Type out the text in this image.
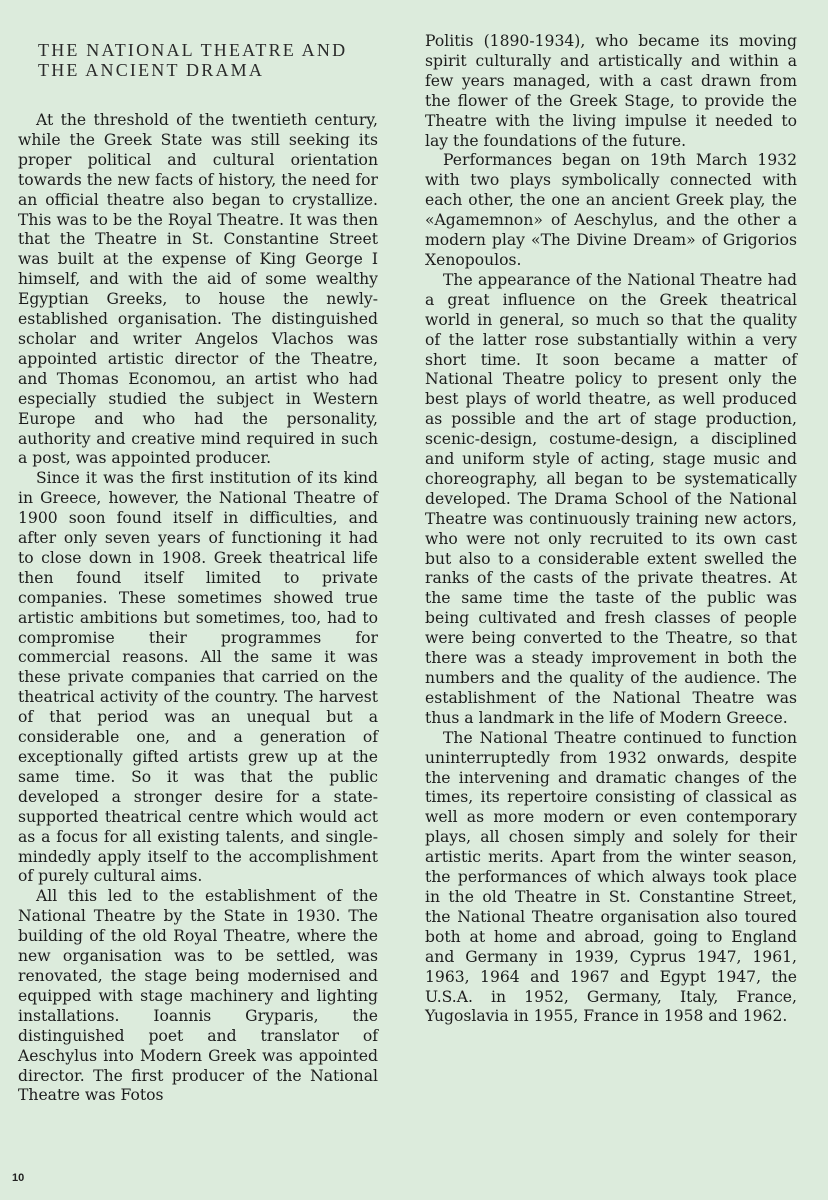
THE NATIONAL THEATRE AND
THE ANCIENT DRAMA

At the threshold of the twentieth century, while the Greek State was still seeking its proper political and cultural orientation towards the new facts of history, the need for an official theatre also began to crystallize. This was to be the Royal Theatre. It was then that the Theatre in St. Constantine Street was built at the expense of King George I himself, and with the aid of some wealthy Egyptian Greeks, to house the newly-established organisation. The distinguished scholar and writer Angelos Vlachos was appointed artistic director of the Theatre, and Thomas Economou, an artist who had especially studied the subject in Western Europe and who had the personality, authority and creative mind required in such a post, was appointed producer.

Since it was the first institution of its kind in Greece, however, the National Theatre of 1900 soon found itself in difficulties, and after only seven years of functioning it had to close down in 1908. Greek theatrical life then found itself limited to private companies. These sometimes showed true artistic ambitions but sometimes, too, had to compromise their programmes for commercial reasons. All the same it was these private companies that carried on the theatrical activity of the country. The harvest of that period was an unequal but a considerable one, and a generation of exceptionally gifted artists grew up at the same time. So it was that the public developed a stronger desire for a state-supported theatrical centre which would act as a focus for all existing talents, and single-mindedly apply itself to the accomplishment of purely cultural aims.

All this led to the establishment of the National Theatre by the State in 1930. The building of the old Royal Theatre, where the new organisation was to be settled, was renovated, the stage being modernised and equipped with stage machinery and lighting installations. Ioannis Gryparis, the distinguished poet and translator of Aeschylus into Modern Greek was appointed director. The first producer of the National Theatre was Fotos

Politis (1890-1934), who became its moving spirit culturally and artistically and within a few years managed, with a cast drawn from the flower of the Greek Stage, to provide the Theatre with the living impulse it needed to lay the foundations of the future.

Performances began on 19th March 1932 with two plays symbolically connected with each other, the one an ancient Greek play, the «Agamemnon» of Aeschylus, and the other a modern play «The Divine Dream» of Grigorios Xenopoulos.

The appearance of the National Theatre had a great influence on the Greek theatrical world in general, so much so that the quality of the latter rose substantially within a very short time. It soon became a matter of National Theatre policy to present only the best plays of world theatre, as well produced as possible and the art of stage production, scenic-design, costume-design, a disciplined and uniform style of acting, stage music and choreography, all began to be systematically developed. The Drama School of the National Theatre was continuously training new actors, who were not only recruited to its own cast but also to a considerable extent swelled the ranks of the casts of the private theatres. At the same time the taste of the public was being cultivated and fresh classes of people were being converted to the Theatre, so that there was a steady improvement in both the numbers and the quality of the audience. The establishment of the National Theatre was thus a landmark in the life of Modern Greece.

The National Theatre continued to function uninterruptedly from 1932 onwards, despite the intervening and dramatic changes of the times, its repertoire consisting of classical as well as more modern or even contemporary plays, all chosen simply and solely for their artistic merits. Apart from the winter season, the performances of which always took place in the old Theatre in St. Constantine Street, the National Theatre organisation also toured both at home and abroad, going to England and Germany in 1939, Cyprus 1947, 1961, 1963, 1964 and 1967 and Egypt 1947, the U.S.A. in 1952, Germany, Italy, France, Yugoslavia in 1955, France in 1958 and 1962.

10
